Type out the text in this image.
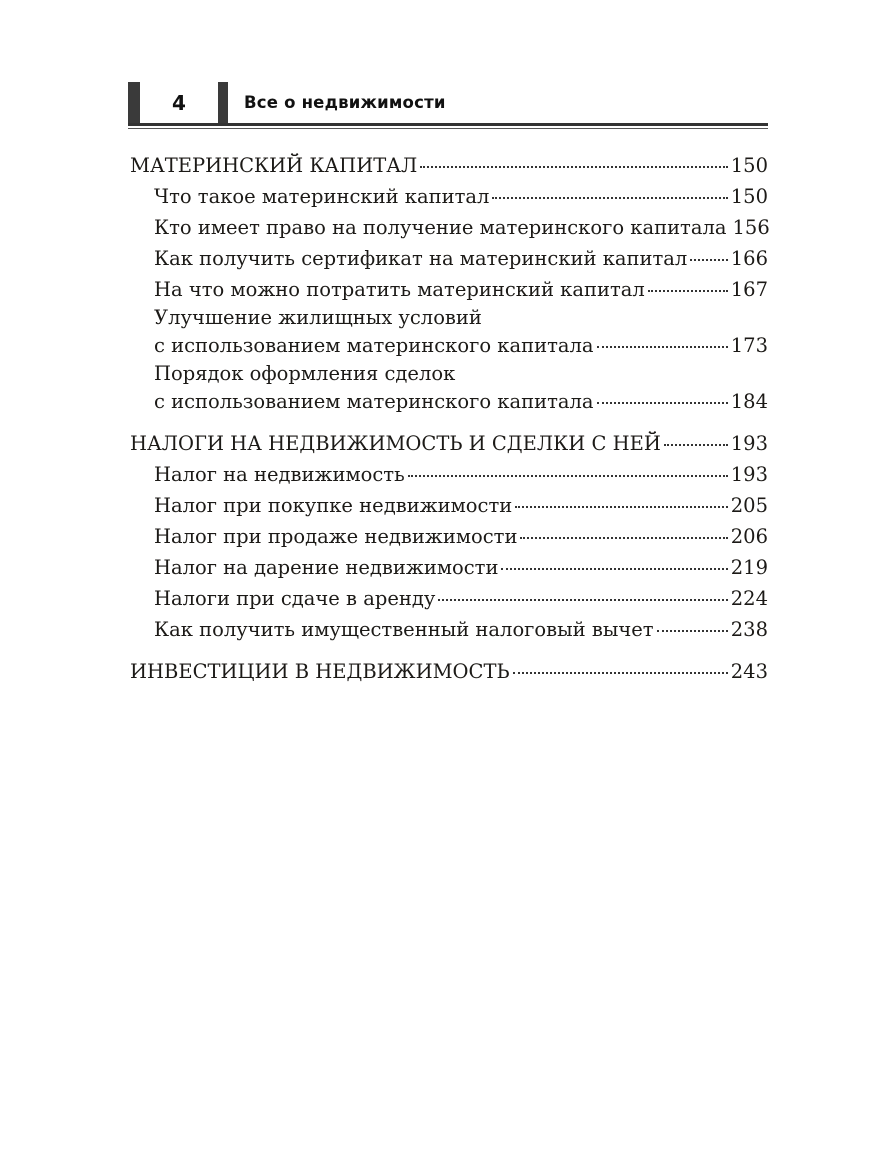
4	Все о недвижимости
МАТЕРИНСКИЙ КАПИТАЛ	150
Что такое материнский капитал	150
Кто имеет право на получение материнского капитала 156
Как получить сертификат на материнский капитал 166
На что можно потратить материнский капитал	167
Улучшение жилищных условий
с использованием материнского капитала	173
Порядок оформления сделок
с использованием материнского капитала	184
НАЛОГИ НА НЕДВИЖИМОСТЬ И СДЕЛКИ С НЕЙ	193
Налог на недвижимость	193
Налог при покупке недвижимости	205
Налог при продаже недвижимости	206
Налог на дарение недвижимости	219
Налоги при сдаче в аренду	224
Как получить имущественный налоговый вычет	238
ИНВЕСТИЦИИ В НЕДВИЖИМОСТЬ	243
